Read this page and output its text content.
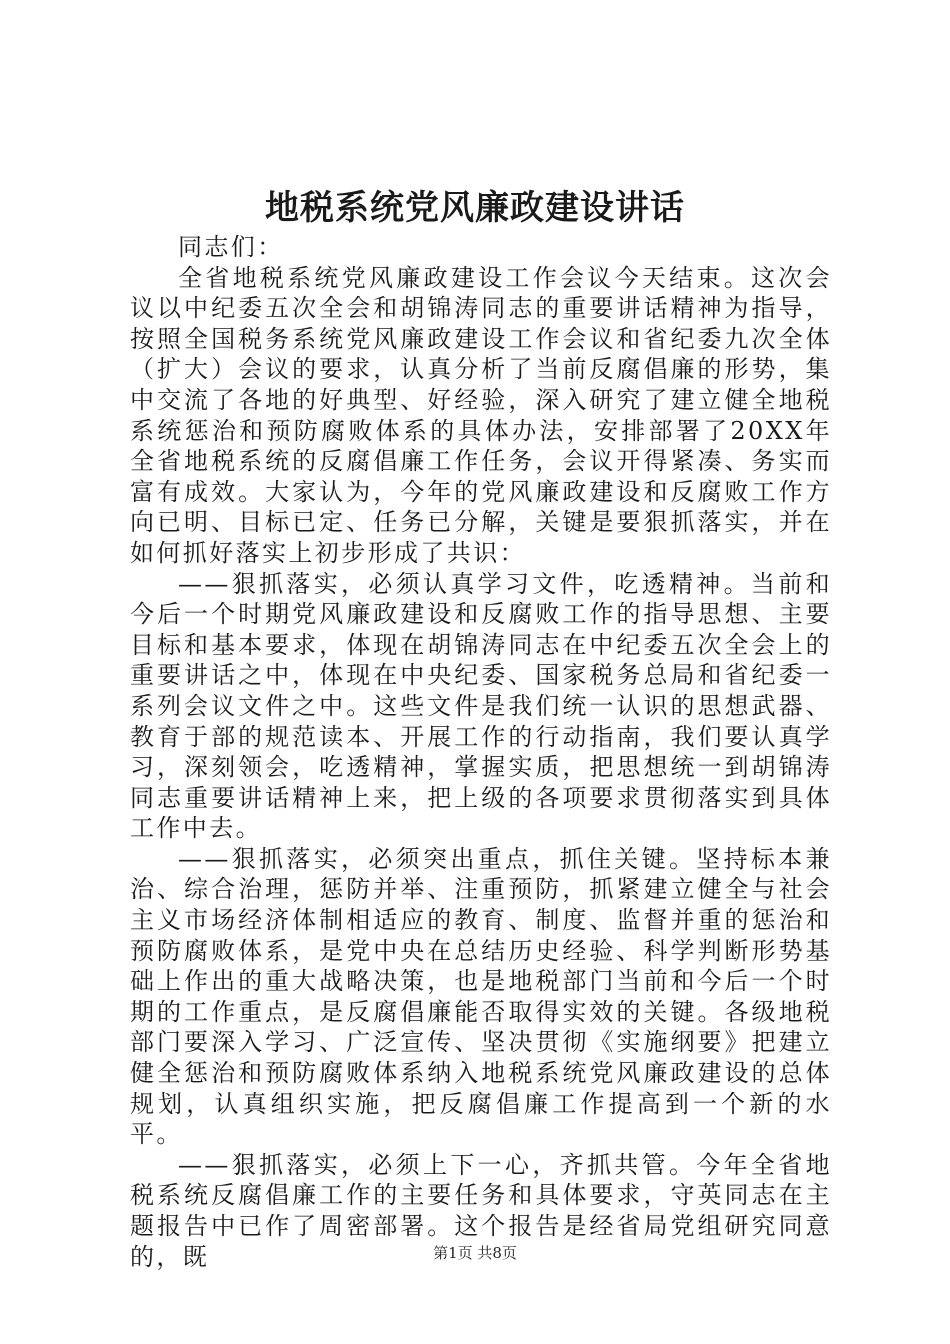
地税系统党风廉政建设讲话

同志们：

全省地税系统党风廉政建设工作会议今天结束。这次会议以中纪委五次全会和胡锦涛同志的重要讲话精神为指导，按照全国税务系统党风廉政建设工作会议和省纪委九次全体（扩大）会议的要求，认真分析了当前反腐倡廉的形势，集中交流了各地的好典型、好经验，深入研究了建立健全地税系统惩治和预防腐败体系的具体办法，安排部署了20XX年全省地税系统的反腐倡廉工作任务，会议开得紧凑、务实而富有成效。大家认为，今年的党风廉政建设和反腐败工作方向已明、目标已定、任务已分解，关键是要狠抓落实，并在如何抓好落实上初步形成了共识：

——狠抓落实，必须认真学习文件，吃透精神。当前和今后一个时期党风廉政建设和反腐败工作的指导思想、主要目标和基本要求，体现在胡锦涛同志在中纪委五次全会上的重要讲话之中，体现在中央纪委、国家税务总局和省纪委一系列会议文件之中。这些文件是我们统一认识的思想武器、教育于部的规范读本、开展工作的行动指南，我们要认真学习，深刻领会，吃透精神，掌握实质，把思想统一到胡锦涛同志重要讲话精神上来，把上级的各项要求贯彻落实到具体工作中去。

——狠抓落实，必须突出重点，抓住关键。坚持标本兼治、综合治理，惩防并举、注重预防，抓紧建立健全与社会主义市场经济体制相适应的教育、制度、监督并重的惩治和预防腐败体系，是党中央在总结历史经验、科学判断形势基础上作出的重大战略决策，也是地税部门当前和今后一个时期的工作重点，是反腐倡廉能否取得实效的关键。各级地税部门要深入学习、广泛宣传、坚决贯彻《实施纲要》把建立健全惩治和预防腐败体系纳入地税系统党风廉政建设的总体规划，认真组织实施，把反腐倡廉工作提高到一个新的水平。

——狠抓落实，必须上下一心，齐抓共管。今年全省地税系统反腐倡廉工作的主要任务和具体要求，守英同志在主题报告中已作了周密部署。这个报告是经省局党组研究同意的，既	第1页 共8页
